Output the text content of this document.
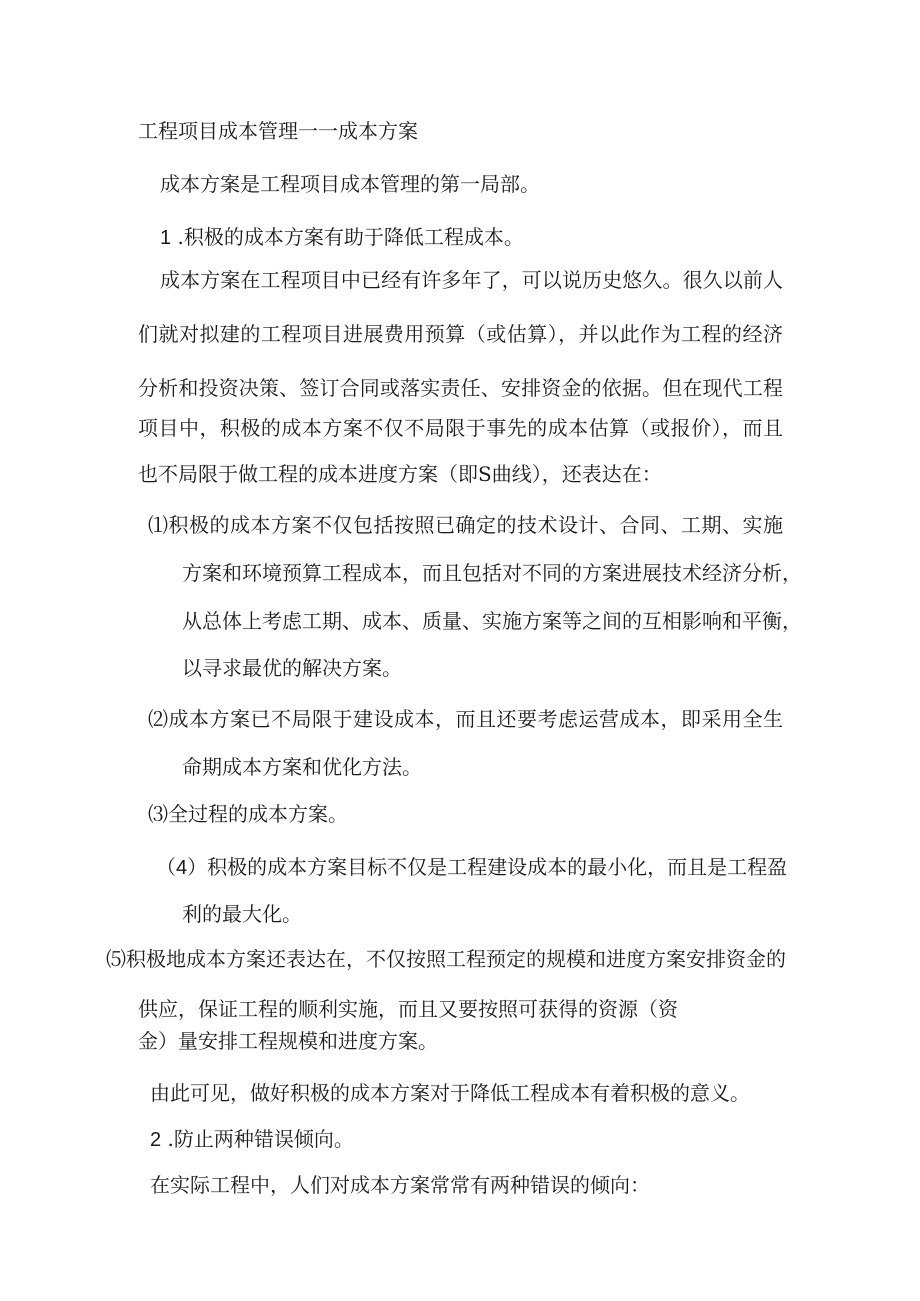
工程项目成本管理一一成本方案

成本方案是工程项目成本管理的第一局部。

1 .积极的成本方案有助于降低工程成本。

成本方案在工程项目中已经有许多年了，可以说历史悠久。很久以前人

们就对拟建的工程项目进展费用预算（或估算），并以此作为工程的经济

分析和投资决策、签订合同或落实责任、安排资金的依据。但在现代工程

项目中，积极的成本方案不仅不局限于事先的成本估算（或报价），而且

也不局限于做工程的成本进度方案（即S曲线），还表达在：

⑴积极的成本方案不仅包括按照已确定的技术设计、合同、工期、实施

方案和环境预算工程成本，而且包括对不同的方案进展技术经济分析，

从总体上考虑工期、成本、质量、实施方案等之间的互相影响和平衡，

以寻求最优的解决方案。

⑵成本方案已不局限于建设成本，而且还要考虑运营成本，即采用全生

命期成本方案和优化方法。

⑶全过程的成本方案。

（4）积极的成本方案目标不仅是工程建设成本的最小化，而且是工程盈

利的最大化。

⑸积极地成本方案还表达在，不仅按照工程预定的规模和进度方案安排资金的

供应，保证工程的顺利实施，而且又要按照可获得的资源（资

金）量安排工程规模和进度方案。

由此可见，做好积极的成本方案对于降低工程成本有着积极的意义。

2 .防止两种错误倾向。

在实际工程中，人们对成本方案常常有两种错误的倾向：
